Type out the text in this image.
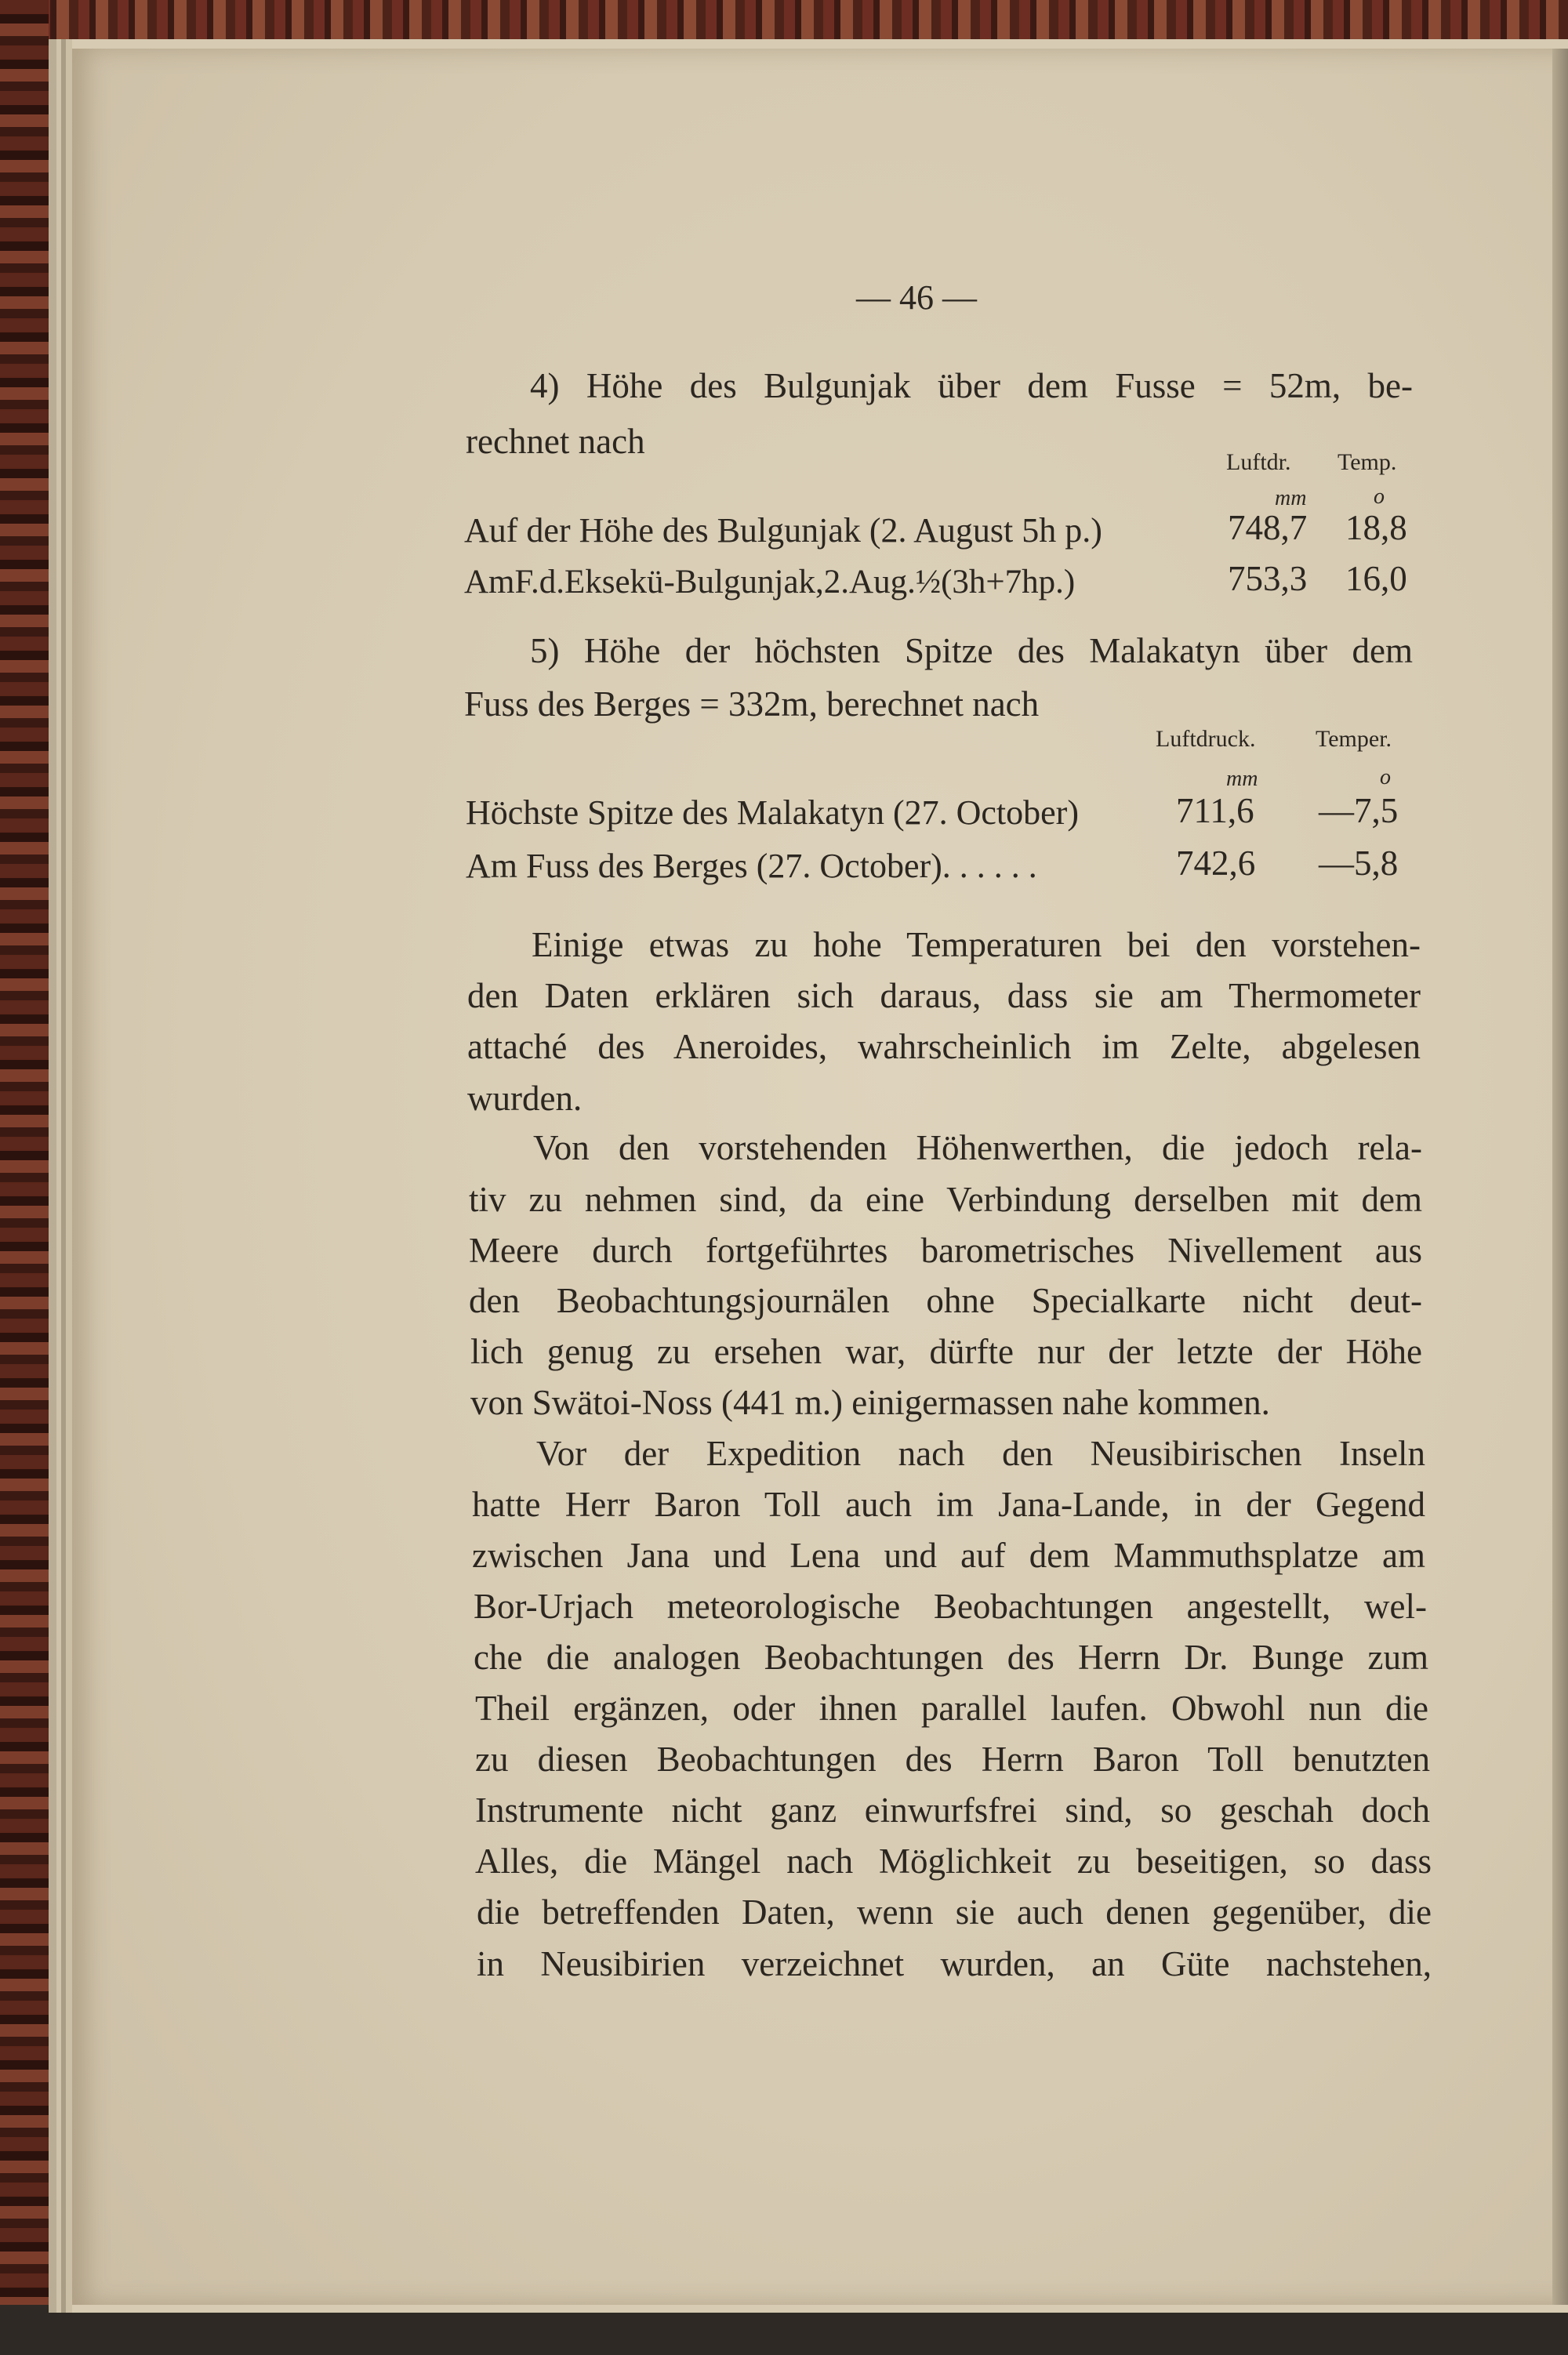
— 46 —
4) Höhe des Bulgunjak über dem Fusse = 52m, be-
rechnet nach
Luftdr. Temp.
mm	o
Auf der Höhe des Bulgunjak (2. August 5h p.)	748,7 18,8
AmF.d.Eksekü-Bulgunjak,2.Aug.½(3h+7hp.)	753,3 16,0
5) Höhe der höchsten Spitze des Malakatyn über dem
Fuss des Berges = 332m, berechnet nach
Luftdruck.	Temper.
mm	o
Höchste Spitze des Malakatyn (27. October)	711,6 —7,5
Am Fuss des Berges (27. October). . . . . .	742,6 —5,8
Einige etwas zu hohe Temperaturen bei den vorstehen-
den Daten erklären sich daraus, dass sie am Thermometer
attaché des Aneroides, wahrscheinlich im Zelte, abgelesen
wurden.
Von den vorstehenden Höhenwerthen, die jedoch rela-
tiv zu nehmen sind, da eine Verbindung derselben mit dem
Meere durch fortgeführtes barometrisches Nivellement aus
den Beobachtungsjournälen ohne Specialkarte nicht deut-
lich genug zu ersehen war, dürfte nur der letzte der Höhe
von Swätoi-Noss (441 m.) einigermassen nahe kommen.
Vor der Expedition nach den Neusibirischen Inseln
hatte Herr Baron Toll auch im Jana-Lande, in der Gegend
zwischen Jana und Lena und auf dem Mammuthsplatze am
Bor-Urjach meteorologische Beobachtungen angestellt, wel-
che die analogen Beobachtungen des Herrn Dr. Bunge zum
Theil ergänzen, oder ihnen parallel laufen. Obwohl nun die
zu diesen Beobachtungen des Herrn Baron Toll benutzten
Instrumente nicht ganz einwurfsfrei sind, so geschah doch
Alles, die Mängel nach Möglichkeit zu beseitigen, so dass
die betreffenden Daten, wenn sie auch denen gegenüber, die
in Neusibirien verzeichnet wurden, an Güte nachstehen,
